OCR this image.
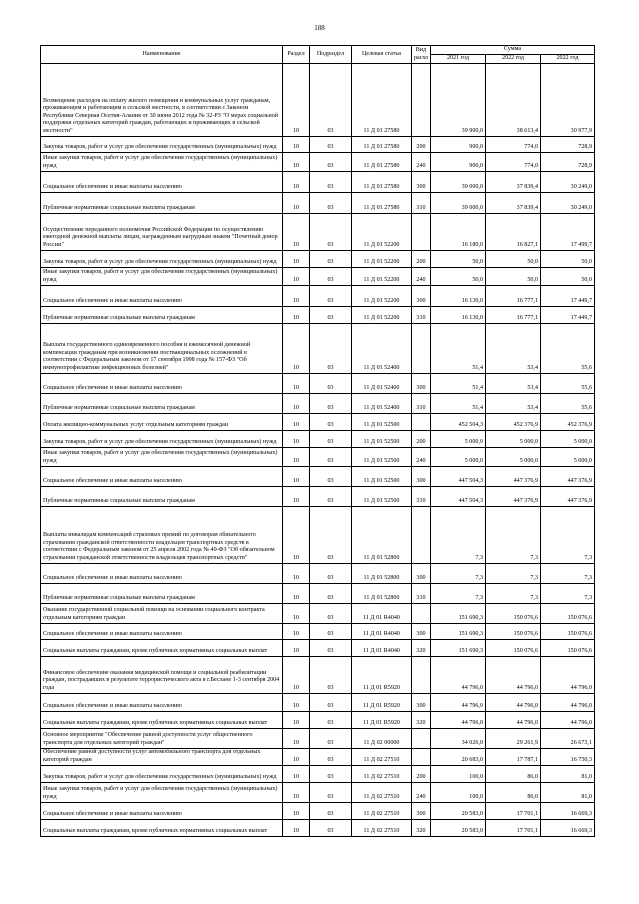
188
Наименование	Раздел	Подраздел	Целевая статья	Вид расхо	Сумма		
					2021 год	2022 год	2022 год
Возмещение расходов на оплату жилого помещения и коммунальных услуг гражданам, проживающим и работающим в сельской местности, в соответствии с Законом Республики Северная Осетия-Алания от 30 июня 2012 года № 32-РЗ "О мерах социальной поддержки отдельных категорий граждан, работающих и проживающих в сельской местности"	10	03	11 Д 01 27580		39 900,0	38 613,4	30 977,9
Закупка товаров, работ и услуг для обеспечения государственных (муниципальных) нужд	10	03	11 Д 01 27580	200	900,0	774,0	728,9
Иные закупки товаров, работ и услуг для обеспечения государственных (муниципальных) нужд	10	03	11 Д 01 27580	240	900,0	774,0	728,9
Социальное обеспечение и иные выплаты населению	10	03	11 Д 01 27580	300	39 000,0	37 839,4	30 249,0
Публичные нормативные социальные выплаты гражданам	10	03	11 Д 01 27580	310	39 000,0	37 839,4	30 249,0
Осуществление переданного полномочия Российской Федерации по осуществлению ежегодной денежной выплаты лицам, награжденным нагрудным знаком "Почетный донор России"	10	03	11 Д 01 52200		16 180,0	16 827,1	17 499,7
Закупка товаров, работ и услуг для обеспечения государственных (муниципальных) нужд	10	03	11 Д 01 52200	200	50,0	50,0	50,0
Иные закупки товаров, работ и услуг для обеспечения государственных (муниципальных) нужд	10	03	11 Д 01 52200	240	50,0	50,0	50,0
Социальное обеспечение и иные выплаты населению	10	03	11 Д 01 52200	300	16 130,0	16 777,1	17 449,7
Публичные нормативные социальные выплаты гражданам	10	03	11 Д 01 52200	310	16 130,0	16 777,1	17 449,7
Выплата государственного единовременного пособия и ежемесячной денежной компенсации гражданам при возникновении поствакцинальных осложнений в соответствии с Федеральным законом от 17 сентября 1998 года № 157-ФЗ "Об иммунопрофилактике инфекционных болезней"	10	03	11 Д 01 52400		51,4	53,4	55,6
Социальное обеспечение и иные выплаты населению	10	03	11 Д 01 52400	300	51,4	53,4	55,6
Публичные нормативные социальные выплаты гражданам	10	03	11 Д 01 52400	310	51,4	53,4	55,6
Оплата жилищно-коммунальных услуг отдельным категориям граждан	10	03	11 Д 01 52500		452 504,3	452 376,9	452 376,9
Закупка товаров, работ и услуг для обеспечения государственных (муниципальных) нужд	10	03	11 Д 01 52500	200	5 000,0	5 000,0	5 000,0
Иные закупки товаров, работ и услуг для обеспечения государственных (муниципальных) нужд	10	03	11 Д 01 52500	240	5 000,0	5 000,0	5 000,0
Социальное обеспечение и иные выплаты населению	10	03	11 Д 01 52500	300	447 504,3	447 376,9	447 376,9
Публичные нормативные социальные выплаты гражданам	10	03	11 Д 01 52500	310	447 504,3	447 376,9	447 376,9
Выплаты инвалидам компенсаций страховых премий по договорам обязательного страхования гражданской ответственности владельцев транспортных средств в соответствии с Федеральным законом от 25 апреля 2002 года № 40-ФЗ "Об обязательном страховании гражданской ответственности владельцев транспортных средств"	10	03	11 Д 01 52800		7,3	7,3	7,3
Социальное обеспечение и иные выплаты населению	10	03	11 Д 01 52800	300	7,3	7,3	7,3
Публичные нормативные социальные выплаты гражданам	10	03	11 Д 01 52800	310	7,3	7,3	7,3
Оказание государственной социальной помощи на основании социального контракта отдельным категориям граждан	10	03	11 Д 01 R4040		151 690,3	150 076,6	150 076,6
Социальное обеспечение и иные выплаты населению	10	03	11 Д 01 R4040	300	151 690,3	150 076,6	150 076,6
Социальные выплаты гражданам, кроме публичных нормативных социальных выплат	10	03	11 Д 01 R4040	320	151 690,3	150 076,6	150 076,6
Финансовое обеспечение оказания медицинской помощи и социальной реабилитации граждан, пострадавших в результате террористического акта в г.Беслане 1-3 сентября 2004 года	10	03	11 Д 01 R5920		44 796,0	44 796,0	44 796,0
Социальное обеспечение и иные выплаты населению	10	03	11 Д 01 R5920	300	44 796,0	44 796,0	44 796,0
Социальные выплаты гражданам, кроме публичных нормативных социальных выплат	10	03	11 Д 01 R5920	320	44 796,0	44 796,0	44 796,0
Основное мероприятие "Обеспечение равной доступности услуг общественного транспорта для отдельных категорий граждан"	10	03	11 Д 02 00000		34 026,0	29 261,9	26 673,1
Обеспечение равной доступности услуг автомобильного транспорта для отдельных категорий граждан	10	03	11 Д 02 27510		20 683,0	17 787,1	16 750,3
Закупка товаров, работ и услуг для обеспечения государственных (муниципальных) нужд	10	03	11 Д 02 27510	200	100,0	86,0	81,0
Иные закупки товаров, работ и услуг для обеспечения государственных (муниципальных) нужд	10	03	11 Д 02 27510	240	100,0	86,0	81,0
Социальное обеспечение и иные выплаты населению	10	03	11 Д 02 27510	300	20 583,0	17 701,1	16 669,3
Социальные выплаты гражданам, кроме публичных нормативных социальных выплат	10	03	11 Д 02 27510	320	20 583,0	17 701,1	16 669,3
